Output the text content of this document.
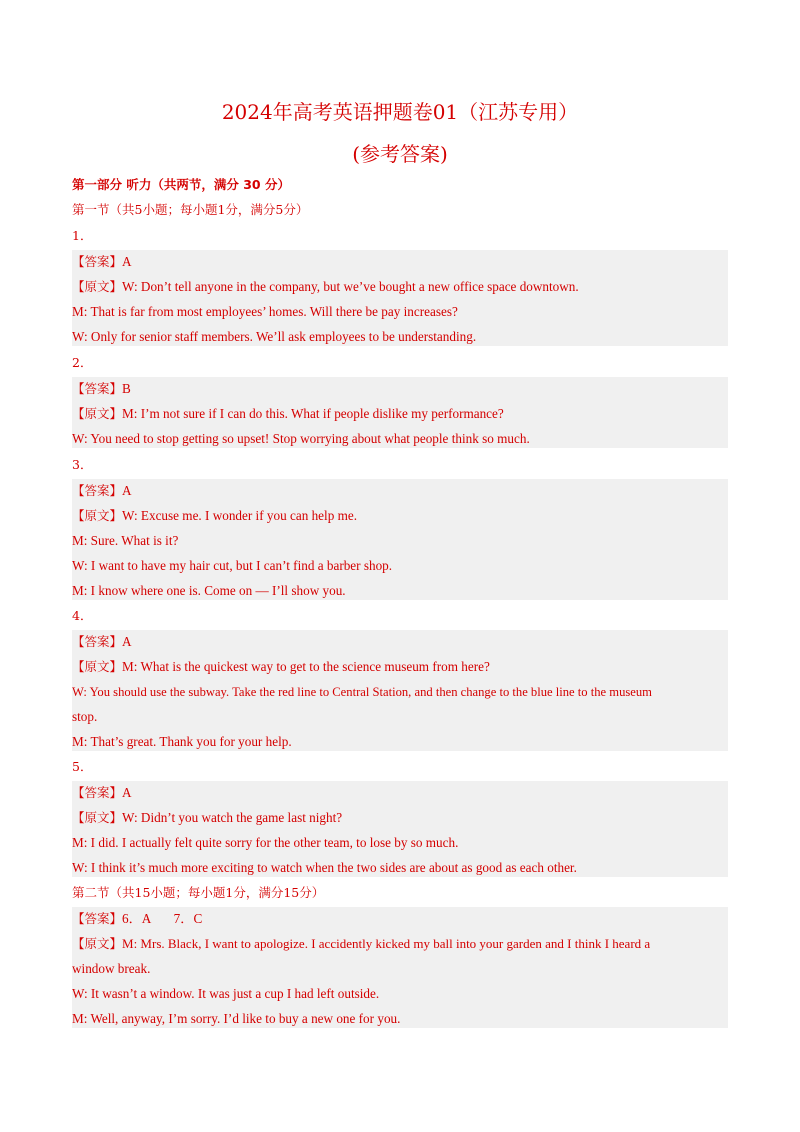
2024年高考英语押题卷01（江苏专用）
(参考答案)
第一部分 听力（共两节，满分 30 分）
第一节（共5小题；每小题1分，满分5分）
1．
【答案】A
【原文】W: Don’t tell anyone in the company, but we’ve bought a new office space downtown.
M: That is far from most employees’ homes. Will there be pay increases?
W: Only for senior staff members. We’ll ask employees to be understanding.
2．
【答案】B
【原文】M: I’m not sure if I can do this. What if people dislike my performance?
W: You need to stop getting so upset! Stop worrying about what people think so much.
3．
【答案】A
【原文】W: Excuse me. I wonder if you can help me.
M: Sure. What is it?
W: I want to have my hair cut, but I can’t find a barber shop.
M: I know where one is. Come on — I’ll show you.
4．
【答案】A
【原文】M: What is the quickest way to get to the science museum from here?
W: You should use the subway. Take the red line to Central Station, and then change to the blue line to the museum
stop.
M: That’s great. Thank you for your help.
5．
【答案】A
【原文】W: Didn’t you watch the game last night?
M: I did. I actually felt quite sorry for the other team, to lose by so much.
W: I think it’s much more exciting to watch when the two sides are about as good as each other.
第二节（共15小题；每小题1分，满分15分）
【答案】6．A       7．C
【原文】M: Mrs. Black, I want to apologize. I accidently kicked my ball into your garden and I think I heard a
window break.
W: It wasn’t a window. It was just a cup I had left outside.
M: Well, anyway, I’m sorry. I’d like to buy a new one for you.
